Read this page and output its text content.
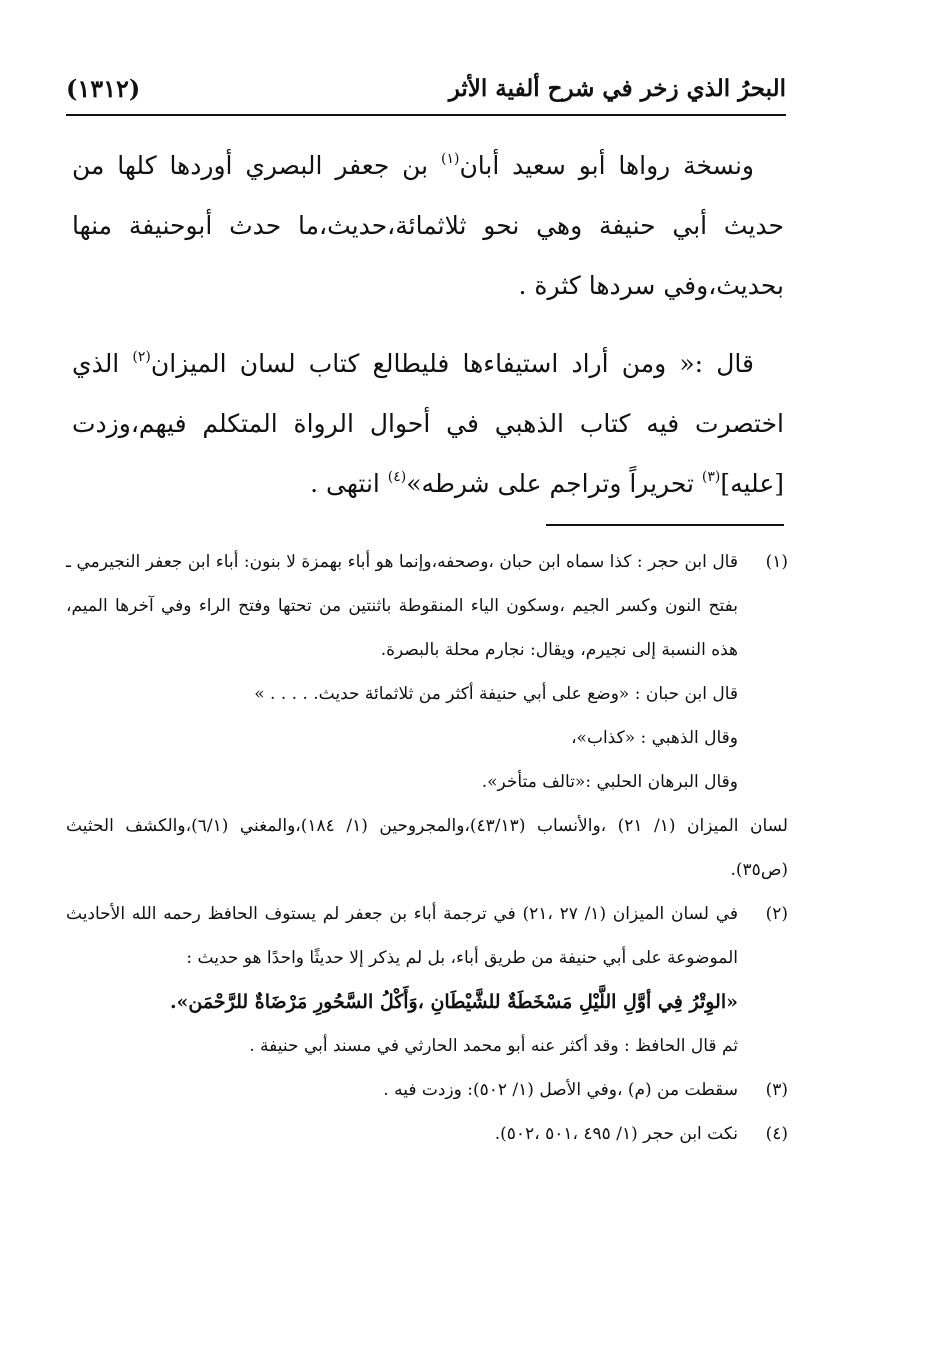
البحرُ الذي زخر في شرح ألفية الأثر
(١٣١٢)

ونسخة رواها أبو سعيد أبان$^{(١)}$ بن جعفر البصري أوردها كلها من حديث أبي حنيفة وهي نحو ثلاثمائة،حديث،ما حدث أبوحنيفة منها بحديث،وفي سردها كثرة .

قال :« ومن أراد استيفاءها فليطالع كتاب لسان الميزان$^{(٢)}$ الذي اختصرت فيه كتاب الذهبي في أحوال الرواة المتكلم فيهم،وزدت [عليه]$^{(٣)}$ تحريراً وتراجم على شرطه»$^{(٤)}$ انتهى .

(١)
قال ابن حجر : كذا سماه ابن حبان ،وصحفه،وإنما هو أباء بهمزة لا بنون: أباء ابن جعفر النجيرمي ـ بفتح النون وكسر الجيم ،وسكون الياء المنقوطة باثنتين من تحتها وفتح الراء وفي آخرها الميم، هذه النسبة إلى نجيرم، ويقال: نجارم محلة بالبصرة.
قال ابن حبان : «وضع على أبي حنيفة أكثر من ثلاثمائة حديث. . . . . »
وقال الذهبي : «كذاب»،
وقال البرهان الحلبي :«تالف متأخر».
لسان الميزان (١/ ٢١) ،والأنساب (٤٣/١٣)،والمجروحين (١/ ١٨٤)،والمغني (٦/١)،والكشف الحثيث (ص٣٥).
(٢)
في لسان الميزان (١/ ٢٧ ،٢١) في ترجمة أباء بن جعفر لم يستوف الحافظ رحمه الله الأحاديث الموضوعة على أبي حنيفة من طريق أباء، بل لم يذكر إلا حديثًا واحدًا هو حديث :
«الوِتْرُ فِي أوَّلِ اللَّيْلِ مَسْخَطَةٌ للشَّيْطَانِ ،وَأَكْلُ السَّحُورِ مَرْضَاةٌ للرَّحْمَن».
ثم قال الحافظ : وقد أكثر عنه أبو محمد الحارثي في مسند أبي حنيفة .
(٣)
سقطت من (م) ،وفي الأصل (١/ ٥٠٢): وزدت فيه .
(٤)
نكت ابن حجر (١/ ٤٩٥ ،٥٠١ ،٥٠٢).
